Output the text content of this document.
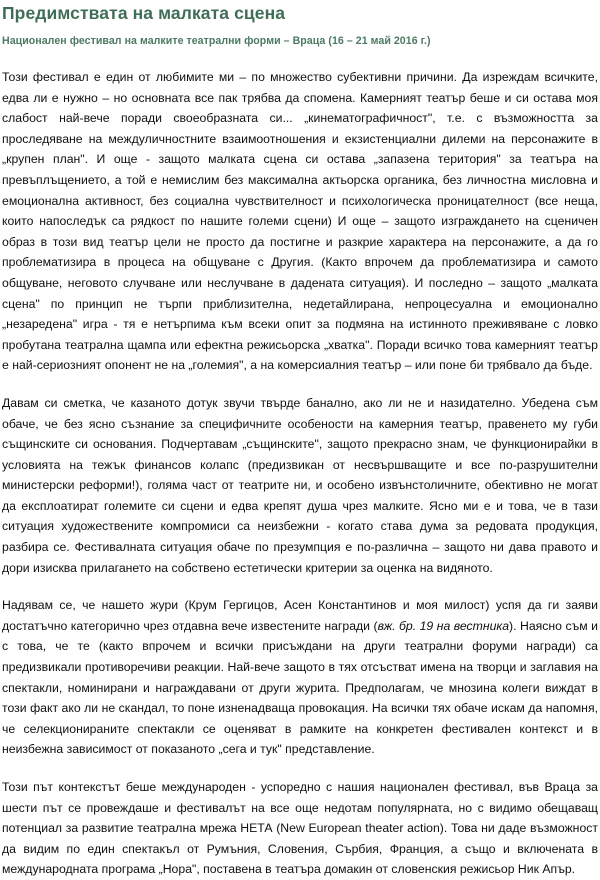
Предимствата на малката сцена
Национален фестивал на малките театрални форми – Враца (16 – 21 май 2016 г.)

Този фестивал е един от любимите ми – по множество субективни причини. Да изреждам всичките, едва ли е нужно – но основната все пак трябва да спомена. Камерният театър беше и си остава моя слабост най-вече поради своеобразната си... „кинематографичност", т.е. с възможността за проследяване на междуличностните взаимоотношения и екзистенциални дилеми на персонажите в „крупен план". И още - защото малката сцена си остава „запазена територия" за театъра на превъплъщението, а той е немислим без максимална актьорска органика, без личностна мисловна и емоционална активност, без социална чувствителност и психологическа проницателност (все неща, които напоследък са рядкост по нашите големи сцени) И още – защото изграждането на сценичен образ в този вид театър цели не просто да постигне и разкрие характера на персонажите, а да го проблематизира в процеса на общуване с Другия. (Както впрочем да проблематизира и самото общуване, неговото случване или неслучване в дадената ситуация). И последно – защото „малката сцена" по принцип не търпи приблизителна, недетайлирана, непроцесуална и емоционално „незаредена" игра - тя е нетърпима към всеки опит за подмяна на истинното преживяване с ловко пробутана театрална щампа или ефектна режисьорска „хватка". Поради всичко това камерният театър е най-сериозният опонент не на „големия", а на комерсиалния театър – или поне би трябвало да бъде.

Давам си сметка, че казаното дотук звучи твърде банално, ако ли не и назидателно. Убедена съм обаче, че без ясно съзнание за специфичните особености на камерния театър, правенето му губи същинските си основания. Подчертавам „същинските", защото прекрасно знам, че функционирайки в условията на тежък финансов колапс (предизвикан от несвършващите и все по-разрушителни министерски реформи!), голяма част от театрите ни, и особено извънстоличните, обективно не могат да експлоатират големите си сцени и едва крепят душа чрез малките. Ясно ми е и това, че в тази ситуация художествените компромиси са неизбежни - когато става дума за редовата продукция, разбира се. Фестивалната ситуация обаче по презумпция е по-различна – защото ни дава правото и дори изисква прилагането на собствено естетически критерии за оценка на видяното.

Надявам се, че нашето жури (Крум Гергицов, Асен Константинов и моя милост) успя да ги заяви достатъчно категорично чрез отдавна вече известените награди (вж. бр. 19 на вестника). Наясно съм и с това, че те (както впрочем и всички присъждани на други театрални форуми награди) са предизвикали противоречиви реакции. Най-вече защото в тях отсъстват имена на творци и заглавия на спектакли, номинирани и награждавани от други журита. Предполагам, че мнозина колеги виждат в този факт ако ли не скандал, то поне изненадваща провокация. На всички тях обаче искам да напомня, че селекционираните спектакли се оценяват в рамките на конкретен фестивален контекст и в неизбежна зависимост от показаното „сега и тук" представление.

Този път контекстът беше международен - успоредно с нашия национален фестивал, във Враца за шести път се провеждаше и фестивалът на все още недотам популярната, но с видимо обещаващ потенциал за развитие театрална мрежа НЕТА (New European theater action). Това ни даде възможност да видим по един спектакъл от Румъния, Словения, Сърбия, Франция, а също и включената в международната програма „Нора", поставена в театъра домакин от словенския режисьор Ник Апър.
